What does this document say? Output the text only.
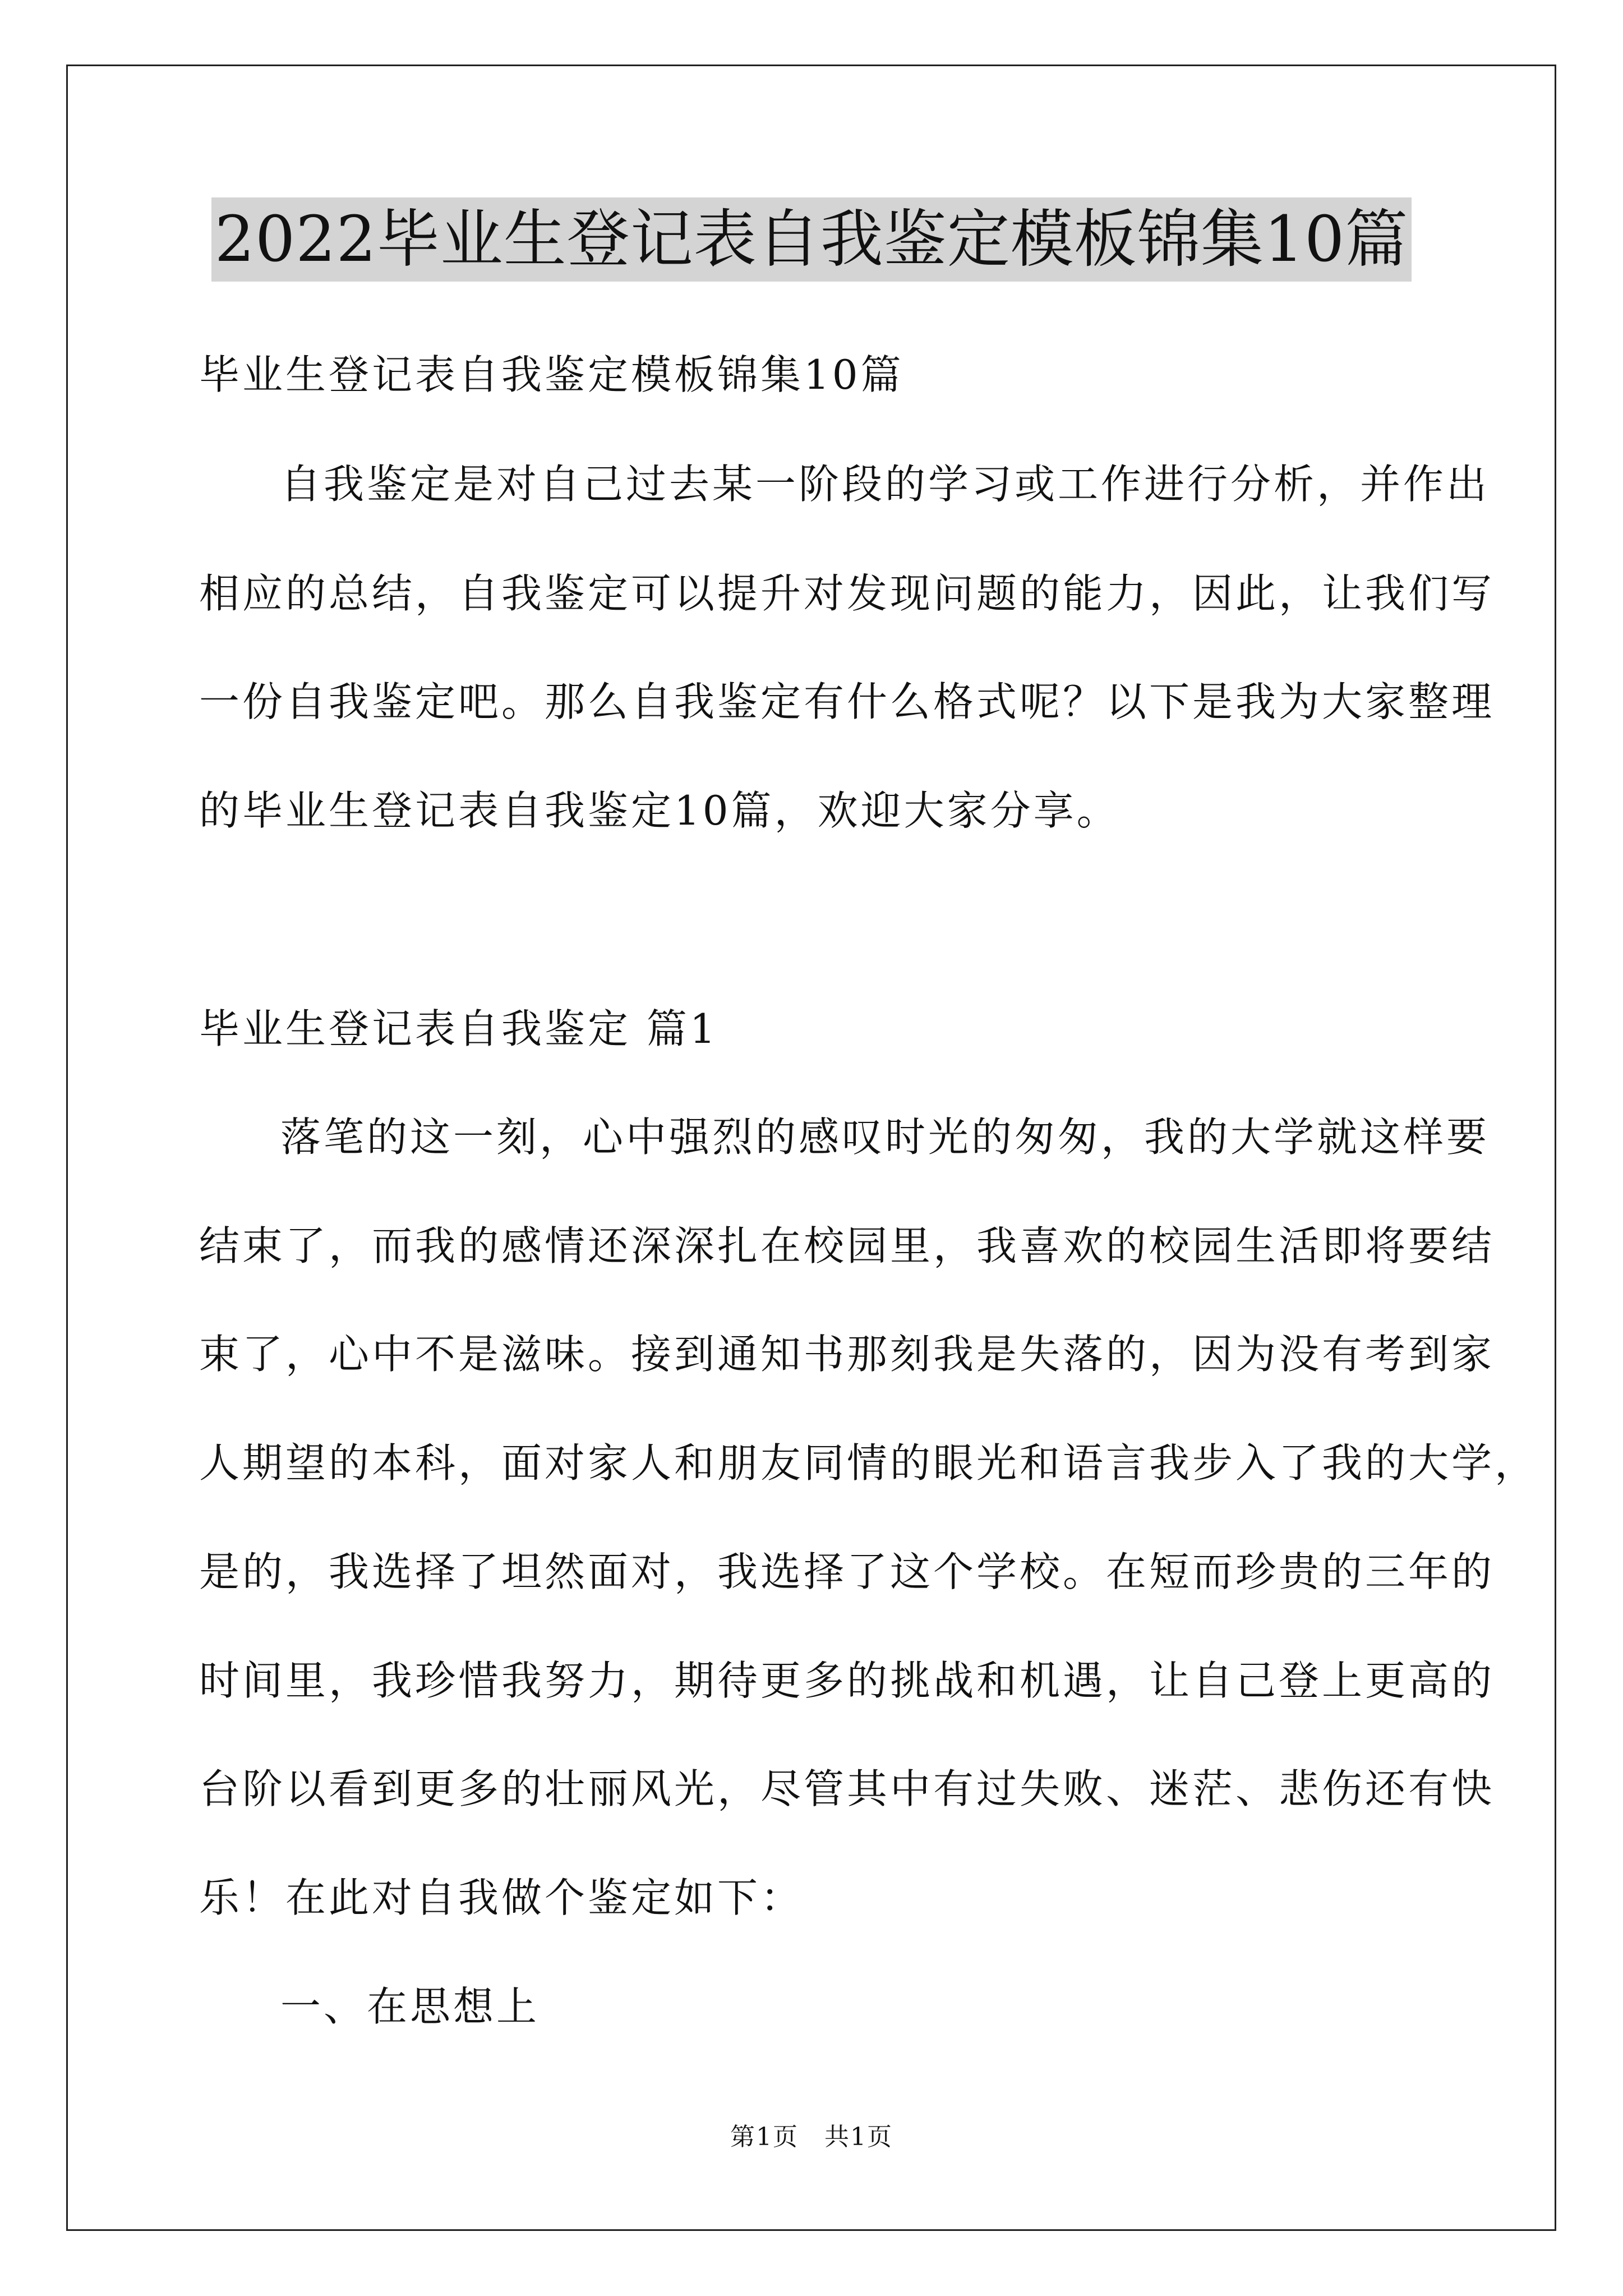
2022毕业生登记表自我鉴定模板锦集10篇
毕业生登记表自我鉴定模板锦集10篇
自我鉴定是对自己过去某一阶段的学习或工作进行分析，并作出
相应的总结，自我鉴定可以提升对发现问题的能力，因此，让我们写
一份自我鉴定吧。那么自我鉴定有什么格式呢？以下是我为大家整理
的毕业生登记表自我鉴定10篇，欢迎大家分享。
毕业生登记表自我鉴定 篇1
落笔的这一刻，心中强烈的感叹时光的匆匆，我的大学就这样要
结束了，而我的感情还深深扎在校园里，我喜欢的校园生活即将要结
束了，心中不是滋味。接到通知书那刻我是失落的，因为没有考到家
人期望的本科，面对家人和朋友同情的眼光和语言我步入了我的大学，
是的，我选择了坦然面对，我选择了这个学校。在短而珍贵的三年的
时间里，我珍惜我努力，期待更多的挑战和机遇，让自己登上更高的
台阶以看到更多的壮丽风光，尽管其中有过失败、迷茫、悲伤还有快
乐！在此对自我做个鉴定如下：
一、在思想上
第1页　共1页
